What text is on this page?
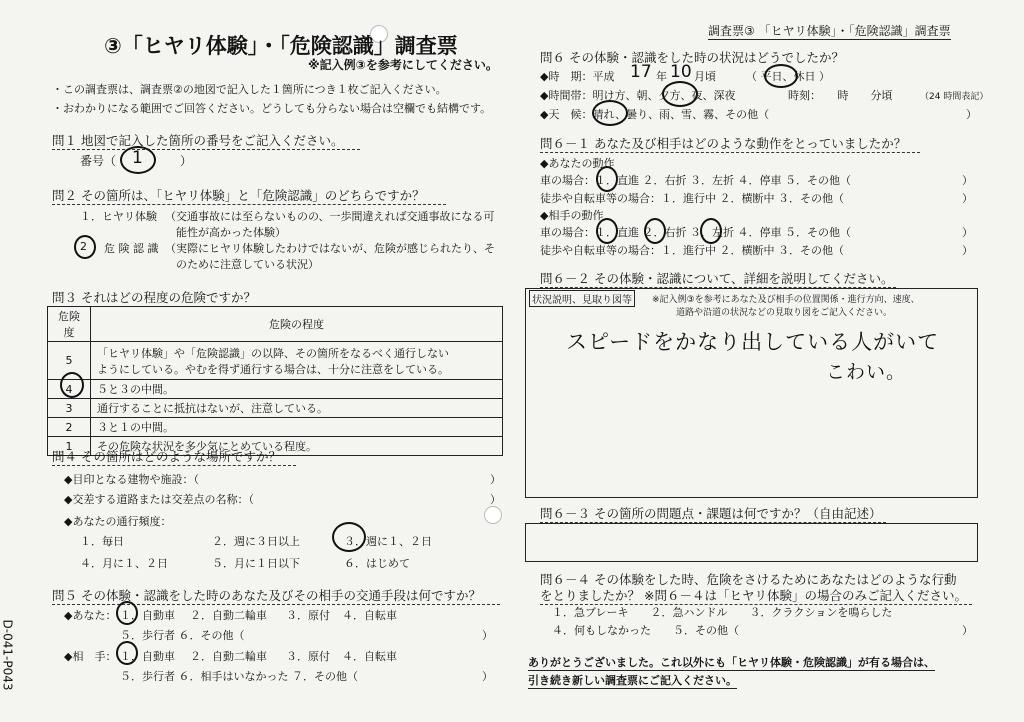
③「ヒヤリ体験」・「危険認識」調査票
※記入例③を参考にしてください。
調査票③ 「ヒヤリ体験」・「危険認識」調査票
D-041-P043
・この調査票は、調査票②の地図で記入した１箇所につき１枚ご記入ください。
・おわかりになる範囲でご回答ください。どうしても分らない場合は空欄でも結構です。
問１ 地図で記入した箇所の番号をご記入ください。
番号（	）
1
問２ その箇所は、「ヒヤリ体験」と「危険認識」のどちらですか？
１．ヒヤリ体験 （交通事故には至らないものの、一歩間違えれば交通事故になる可
能性が高かった体験）
2 危 険 認 識 （実際にヒヤリ体験したわけではないが、危険が感じられたり、そ
のために注意している状況）
問３ それはどの程度の危険ですか？
危険度	危険の程度
5	「ヒヤリ体験」や「危険認識」の以降、その箇所をなるべく通行しない
ようにしている。やむを得ず通行する場合は、十分に注意をしている。
4	５と３の中間。
3	通行することに抵抗はないが、注意している。
2	３と１の中間。
1	その危険な状況を多少気にとめている程度。
問４ その箇所はどのような場所ですか？
◆目印となる建物や施設：（	）
◆交差する道路または交差点の名称：（	）
◆あなたの通行頻度：
１．毎日	２．週に３日以上	３．週に１、２日
４．月に１、２日	５．月に１日以下	６．はじめて
問５ その体験・認識をした時のあなた及びその相手の交通手段は何ですか？
◆あなた： １．自動車 ２．自動二輪車 ３．原付 ４．自転車
５．歩行者 ６．その他（	）
◆相　手： １．自動車 ２．自動二輪車 ３．原付 ４．自転車
５．歩行者 ６．相手はいなかった ７．その他（	）
問６ その体験・認識をした時の状況はどうでしたか？
◆時　期：平成 17 年 10 月頃	（ 平日、休日 ）
◆時間帯：明け方、朝、夕方、夜、深夜	時刻：　　時　　分頃	（24 時間表記）
◆天　候：晴れ、曇り、雨、雪、霧、その他（	）
問６－１ あなた及び相手はどのような動作をとっていましたか？
◆あなたの動作
車の場合：１．直進 ２．右折 ３．左折 ４．停車 ５．その他（	）
徒歩や自転車等の場合：１．進行中 ２．横断中 ３．その他（	）
◆相手の動作
車の場合：１．直進 ２．右折 ３．左折 ４．停車 ５．その他（	）
徒歩や自転車等の場合：１．進行中 ２．横断中 ３．その他（	）
問６－２ その体験・認識について、詳細を説明してください。
状況説明、見取り図等	※記入例③を参考にあなた及び相手の位置関係・進行方向、速度、
道路や沿道の状況などの見取り図をご記入ください。
スピードをかなり出している人がいて
こわい。
問６－３ その箇所の問題点・課題は何ですか？（自由記述）
問６－４ その体験をした時、危険をさけるためにあなたはどのような行動
をとりましたか？ ※問６－４は「ヒヤリ体験」の場合のみご記入ください。
１．急ブレーキ　　２．急ハンドル　　３．クラクションを鳴らした
４．何もしなかった　　５．その他（	）
ありがとうございました。これ以外にも「ヒヤリ体験・危険認識」が有る場合は、
引き続き新しい調査票にご記入ください。
